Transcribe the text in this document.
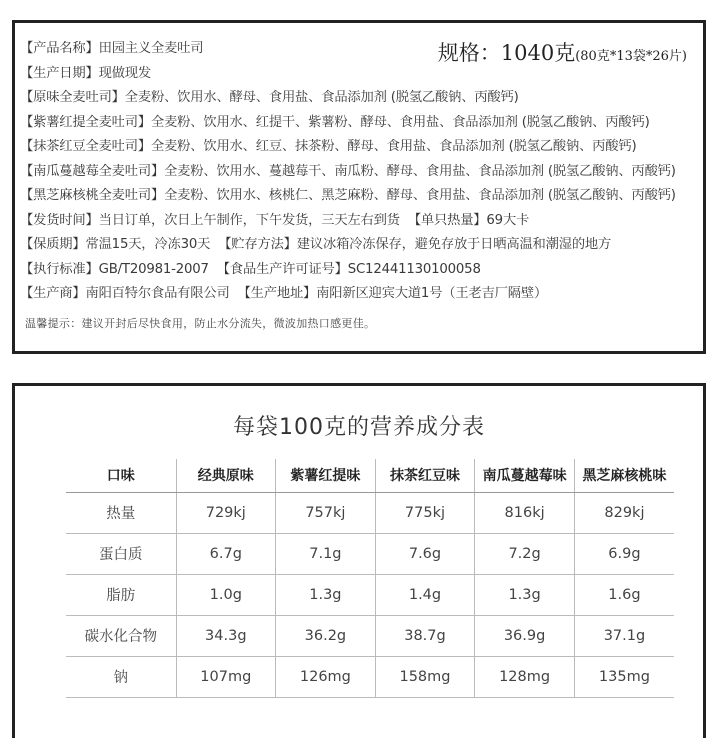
规格：1040克(80克*13袋*26片)
【产品名称】田园主义全麦吐司
【生产日期】现做现发
【原味全麦吐司】全麦粉、饮用水、酵母、食用盐、食品添加剂 (脱氢乙酸钠、丙酸钙)
【紫薯红提全麦吐司】全麦粉、饮用水、红提干、紫薯粉、酵母、食用盐、食品添加剂 (脱氢乙酸钠、丙酸钙)
【抹茶红豆全麦吐司】全麦粉、饮用水、红豆、抹茶粉、酵母、食用盐、食品添加剂 (脱氢乙酸钠、丙酸钙)
【南瓜蔓越莓全麦吐司】全麦粉、饮用水、蔓越莓干、南瓜粉、酵母、食用盐、食品添加剂 (脱氢乙酸钠、丙酸钙)
【黑芝麻核桃全麦吐司】全麦粉、饮用水、核桃仁、黑芝麻粉、酵母、食用盐、食品添加剂 (脱氢乙酸钠、丙酸钙)
【发货时间】当日订单，次日上午制作，下午发货，三天左右到货 【单只热量】69大卡
【保质期】常温15天，冷冻30天 【贮存方法】建议冰箱冷冻保存，避免存放于日晒高温和潮湿的地方
【执行标准】GB/T20981-2007 【食品生产许可证号】SC12441130100058
【生产商】南阳百特尔食品有限公司 【生产地址】南阳新区迎宾大道1号（王老吉厂隔壁）
温馨提示：建议开封后尽快食用，防止水分流失，微波加热口感更佳。
每袋100克的营养成分表
口味	经典原味	紫薯红提味	抹茶红豆味	南瓜蔓越莓味	黑芝麻核桃味
热量	729kj	757kj	775kj	816kj	829kj
蛋白质	6.7g	7.1g	7.6g	7.2g	6.9g
脂肪	1.0g	1.3g	1.4g	1.3g	1.6g
碳水化合物	34.3g	36.2g	38.7g	36.9g	37.1g
钠	107mg	126mg	158mg	128mg	135mg
